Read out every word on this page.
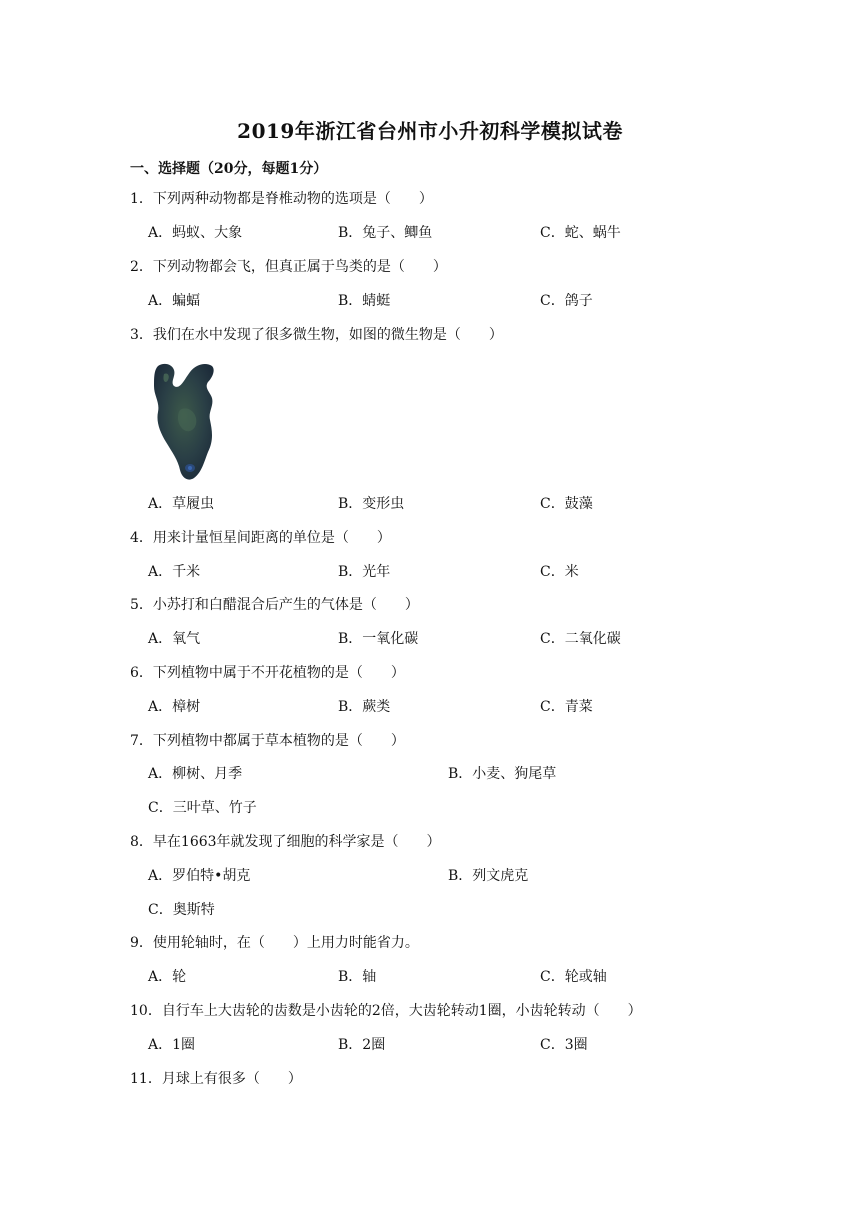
2019年浙江省台州市小升初科学模拟试卷
一、选择题（20分，每题1分）
1．下列两种动物都是脊椎动物的选项是（　　）
A．蚂蚁、大象	B．兔子、鲫鱼	C．蛇、蜗牛
2．下列动物都会飞，但真正属于鸟类的是（　　）
A．蝙蝠	B．蜻蜓	C．鸽子
3．我们在水中发现了很多微生物，如图的微生物是（　　）
A．草履虫	B．变形虫	C．鼓藻
4．用来计量恒星间距离的单位是（　　）
A．千米	B．光年	C．米
5．小苏打和白醋混合后产生的气体是（　　）
A．氧气	B．一氧化碳	C．二氧化碳
6．下列植物中属于不开花植物的是（　　）
A．樟树	B．蕨类	C．青菜
7．下列植物中都属于草本植物的是（　　）
A．柳树、月季	B．小麦、狗尾草
C．三叶草、竹子
8．早在1663年就发现了细胞的科学家是（　　）
A．罗伯特•胡克	B．列文虎克
C．奥斯特
9．使用轮轴时，在（　　）上用力时能省力。
A．轮	B．轴	C．轮或轴
10．自行车上大齿轮的齿数是小齿轮的2倍，大齿轮转动1圈，小齿轮转动（　　）
A．1圈	B．2圈	C．3圈
11．月球上有很多（　　）
